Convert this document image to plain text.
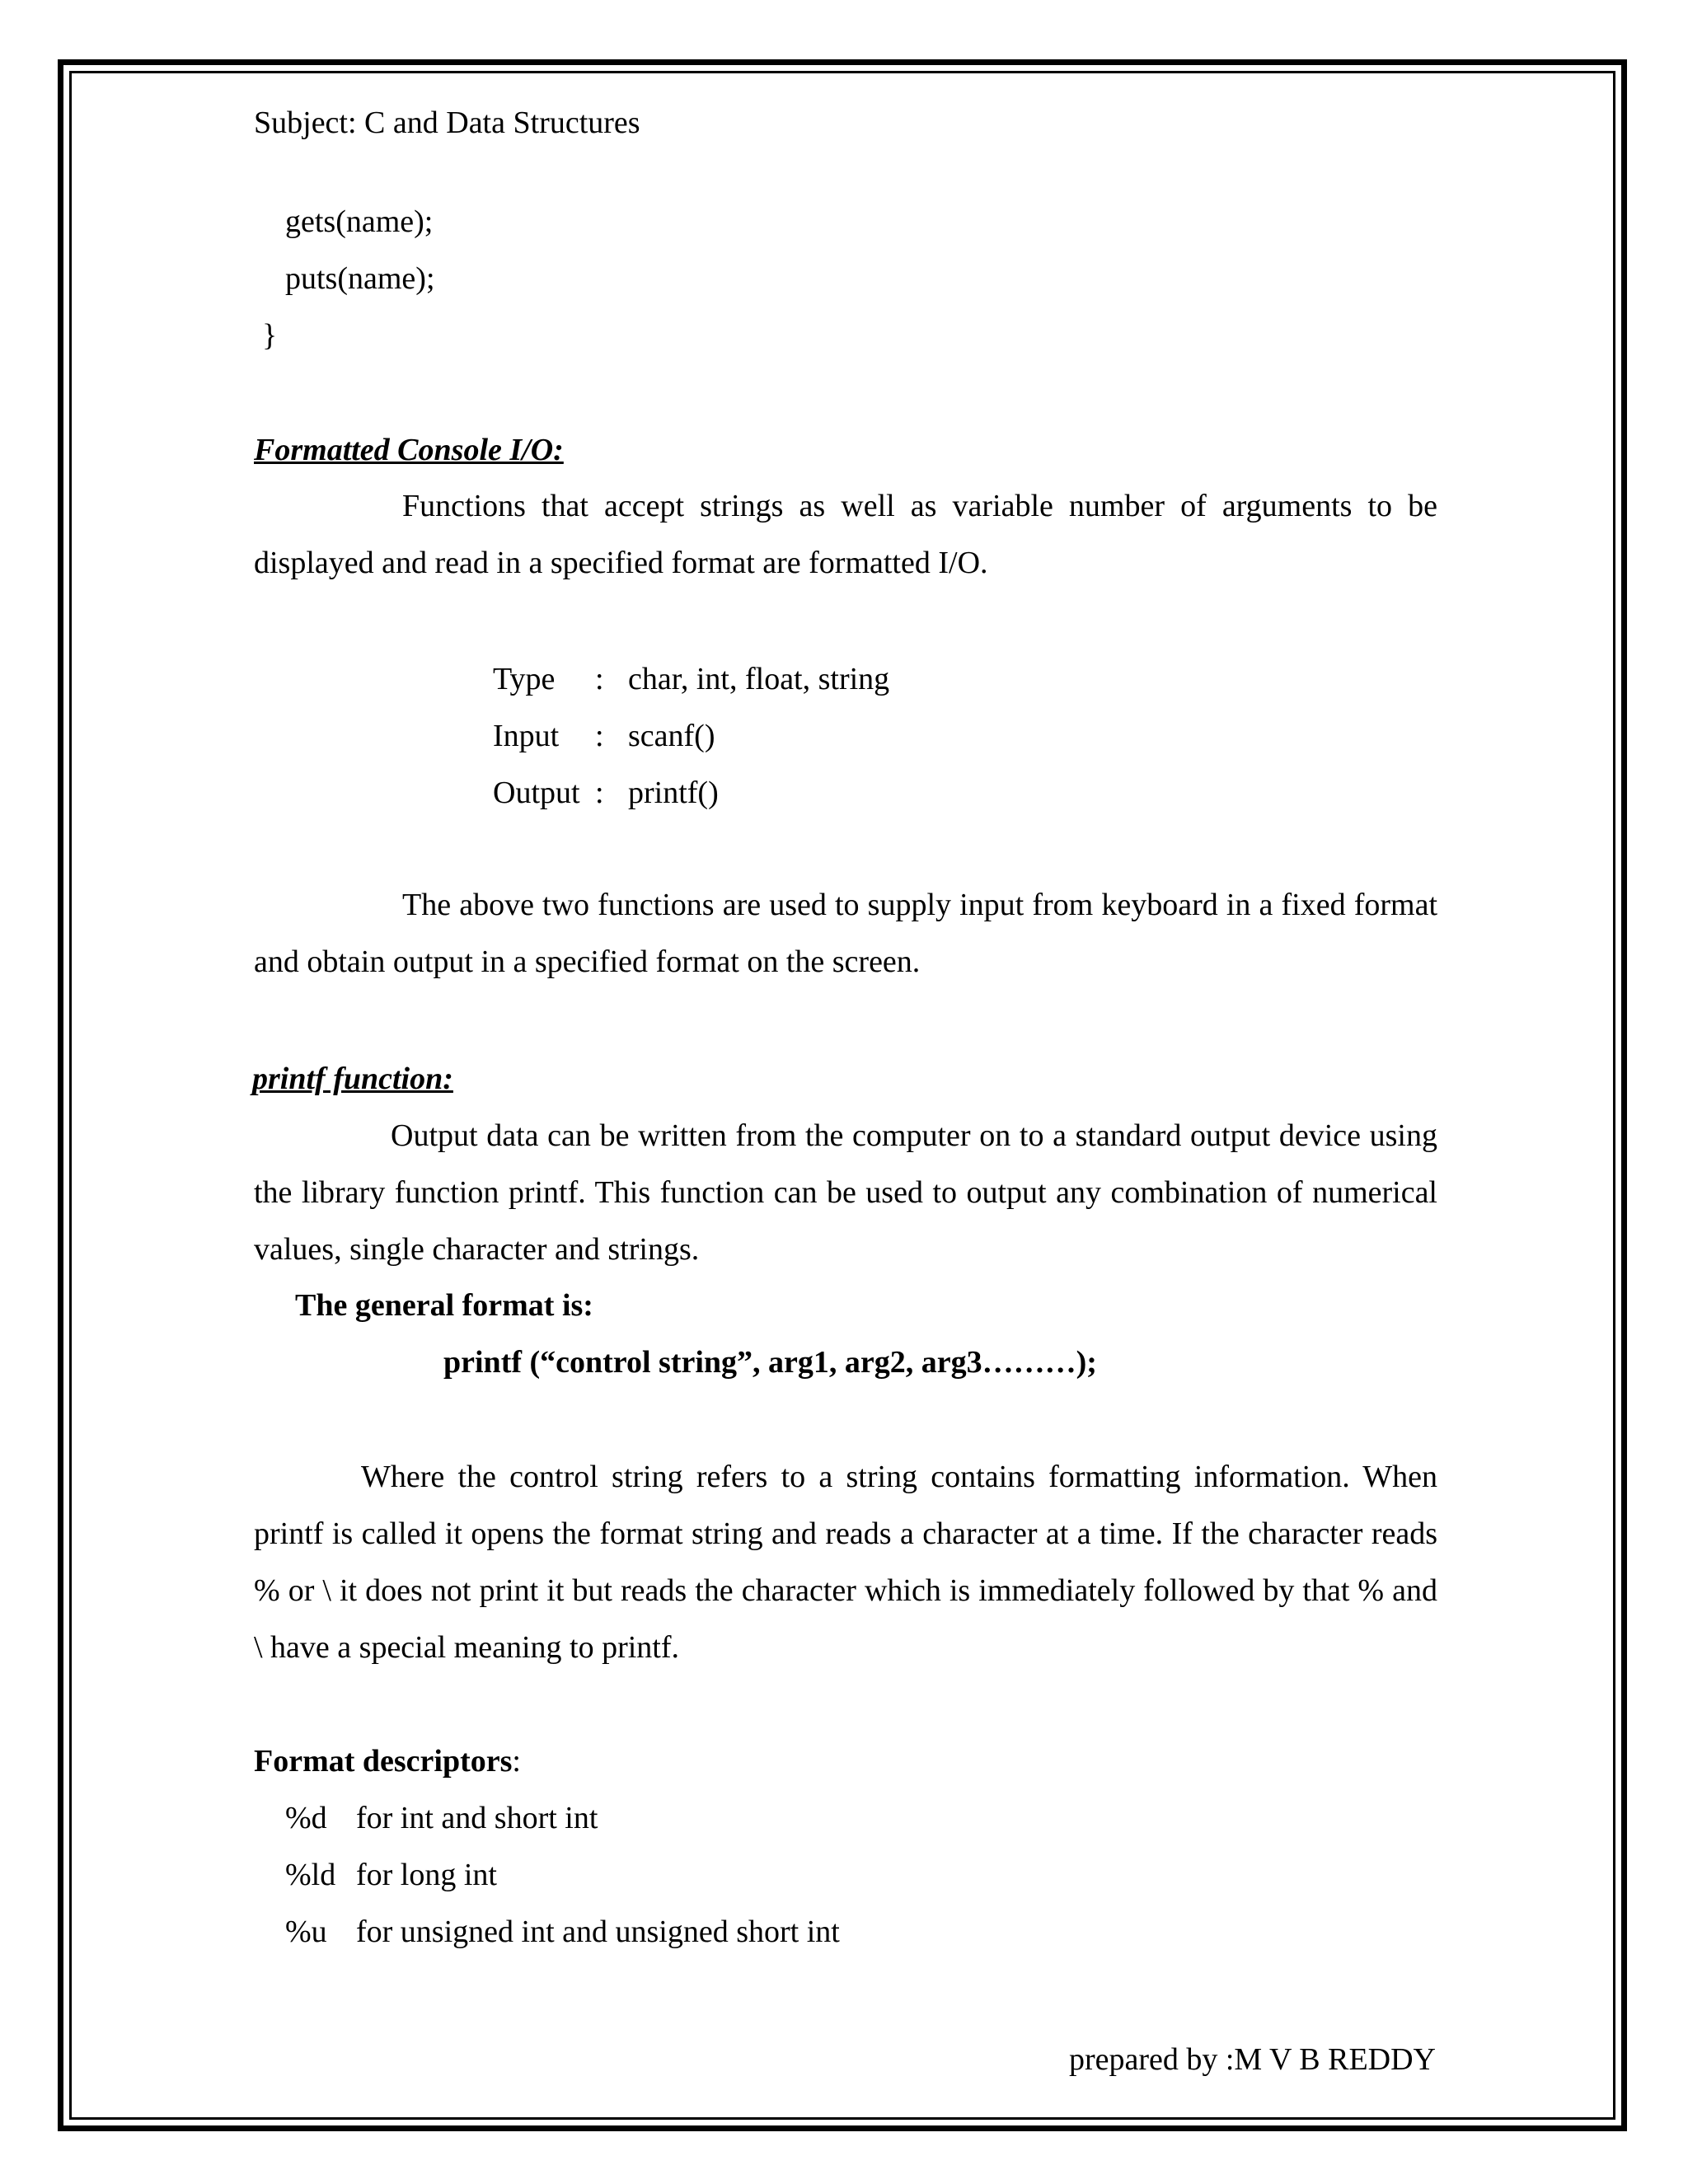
Subject: C and Data Structures
gets(name);
puts(name);
}
Formatted Console I/O:
Functions that accept strings as well as variable number of arguments to be displayed and read in a specified format are formatted I/O.
Type : char, int, float, string
Input : scanf()
Output : printf()
The above two functions are used to supply input from keyboard in a fixed format and obtain output in a specified format on the screen.
printf function:
Output data can be written from the computer on to a standard output device using the library function printf. This function can be used to output any combination of numerical values, single character and strings.
The general format is:
printf (“control string”, arg1, arg2, arg3………);
Where the control string refers to a string contains formatting information. When printf is called it opens the format string and reads a character at a time. If the character reads % or \ it does not print it but reads the character which is immediately followed by that % and \ have a special meaning to printf.
Format descriptors:
%d for int and short int
%ld for long int
%u for unsigned int and unsigned short int
prepared by :M V B REDDY
